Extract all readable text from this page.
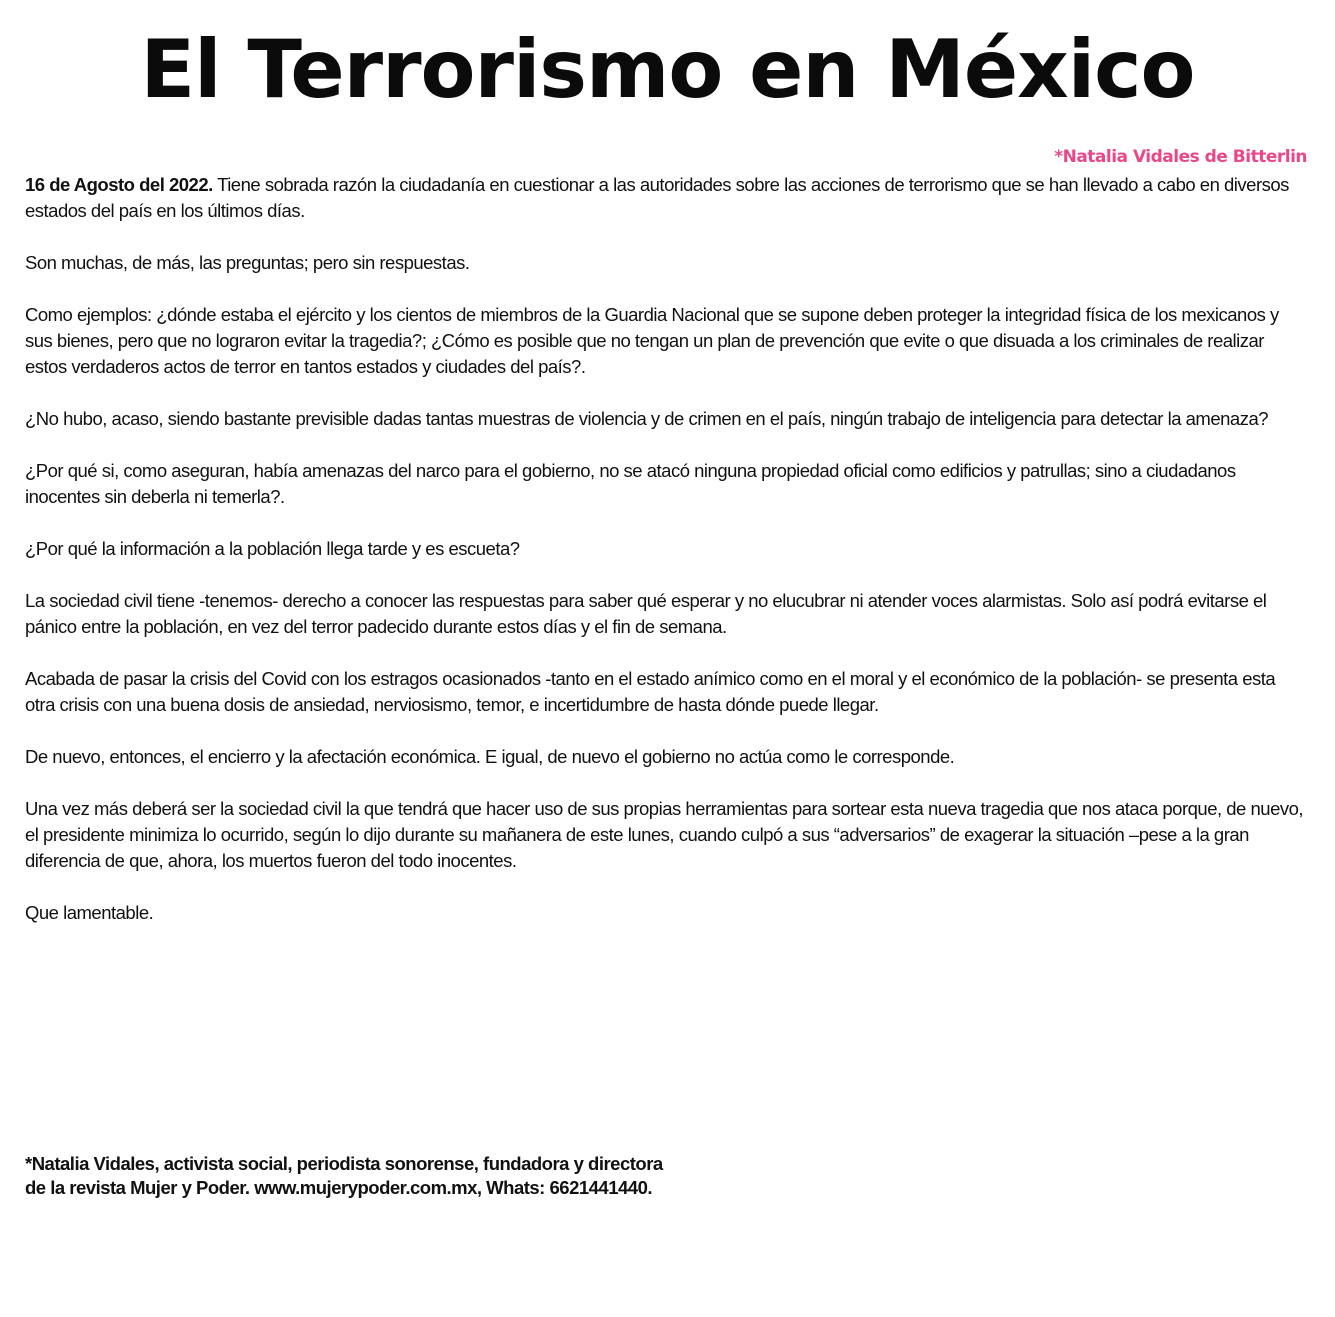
El Terrorismo en México
*Natalia Vidales de Bitterlin

16 de Agosto del 2022. Tiene sobrada razón la ciudadanía en cuestionar a las autoridades sobre las acciones de terrorismo que se han llevado a cabo en diversos estados del país en los últimos días.

Son muchas, de más, las preguntas; pero sin respuestas.

Como ejemplos: ¿dónde estaba el ejército y los cientos de miembros de la Guardia Nacional que se supone deben proteger la integridad física de los mexicanos y sus bienes, pero que no lograron evitar la tragedia?; ¿Cómo es posible que no tengan un plan de prevención que evite o que disuada a los criminales de realizar estos verdaderos actos de terror en tantos estados y ciudades del país?.

¿No hubo, acaso, siendo bastante previsible dadas tantas muestras de violencia y de crimen en el país, ningún trabajo de inteligencia para detectar la amenaza?

¿Por qué si, como aseguran, había amenazas del narco para el gobierno, no se atacó ninguna propiedad oficial como edificios y patrullas; sino a ciudadanos inocentes sin deberla ni temerla?.

¿Por qué la información a la población llega tarde y es escueta?

La sociedad civil tiene -tenemos- derecho a conocer las respuestas para saber qué esperar y no elucubrar ni atender voces alarmistas. Solo así podrá evitarse el pánico entre la población, en vez del terror padecido durante estos días y el fin de semana.

Acabada de pasar la crisis del Covid con los estragos ocasionados -tanto en el estado anímico como en el moral y el económico de la población- se presenta esta otra crisis con una buena dosis de ansiedad, nerviosismo, temor, e incertidumbre de hasta dónde puede llegar.

De nuevo, entonces, el encierro y la afectación económica. E igual, de nuevo el gobierno no actúa como le corresponde.

Una vez más deberá ser la sociedad civil la que tendrá que hacer uso de sus propias herramientas para sortear esta nueva tragedia que nos ataca porque, de nuevo, el presidente minimiza lo ocurrido, según lo dijo durante su mañanera de este lunes, cuando culpó a sus “adversarios” de exagerar la situación –pese a la gran diferencia de que, ahora, los muertos fueron del todo inocentes.

Que lamentable.

*Natalia Vidales, activista social, periodista sonorense, fundadora y directora
de la revista Mujer y Poder. www.mujerypoder.com.mx, Whats: 6621441440.
